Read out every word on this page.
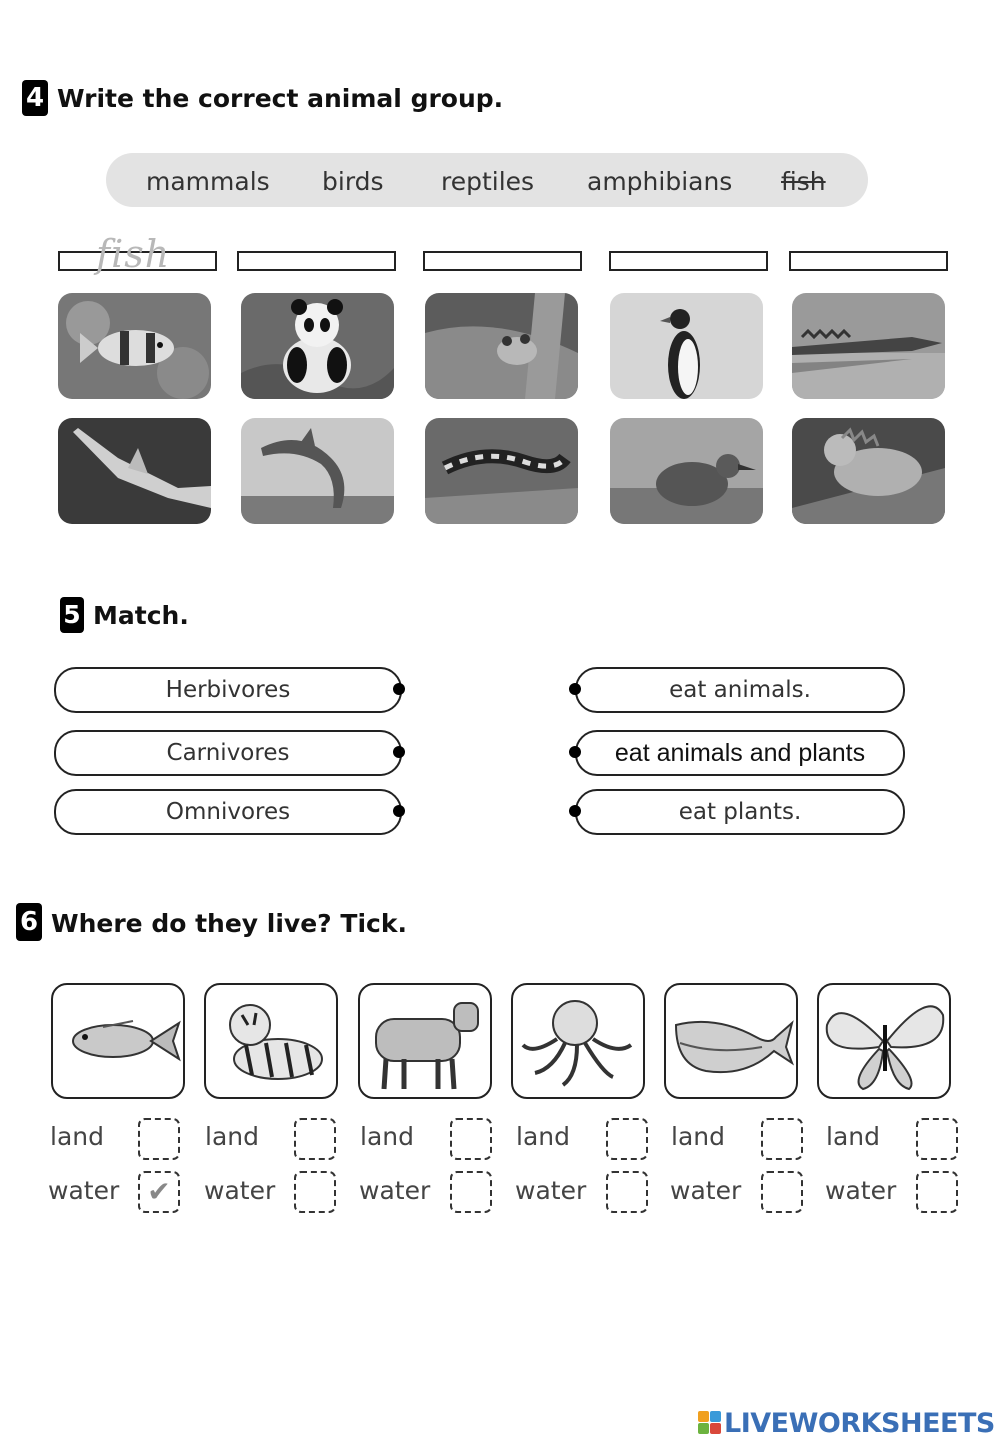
4 Write the correct animal group.
mammals birds reptiles amphibians fish
fish
5 Match.
Herbivores
Carnivores
Omnivores
eat animals.
eat animals and plants
eat plants.
6 Where do they live? Tick.
land
water	✔
land
water
land
water
land
water
land
water
land
water
LIVEWORKSHEETS
